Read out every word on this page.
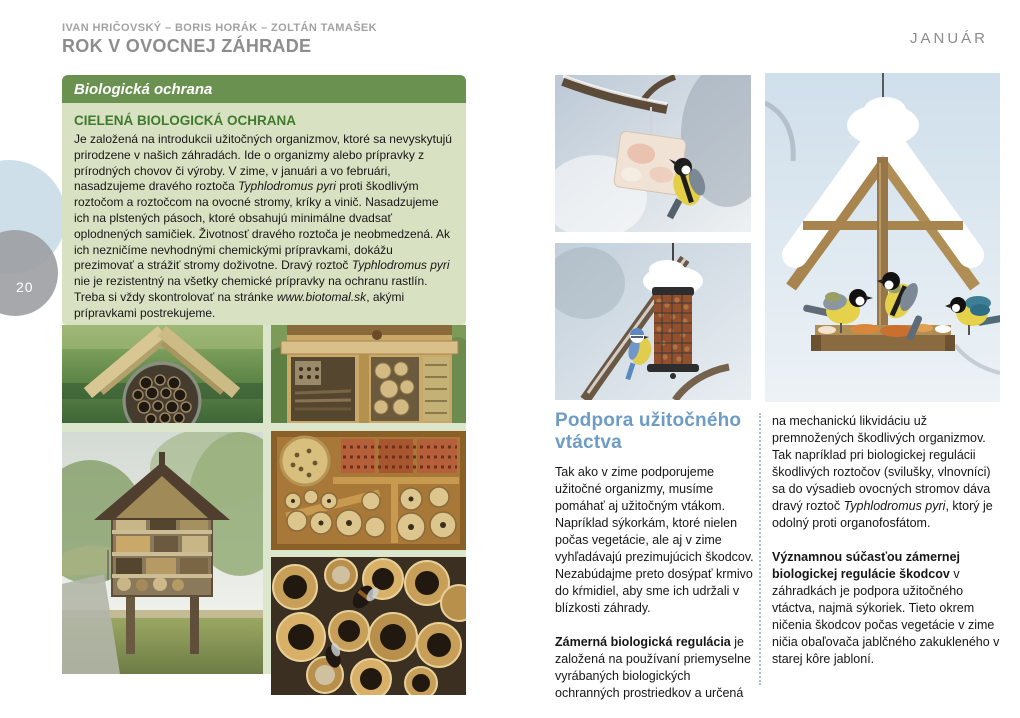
20
IVAN HRIČOVSKÝ – BORIS HORÁK – ZOLTÁN TAMAŠEK
ROK V OVOCNEJ ZÁHRADE	JANUÁR
Biologická ochrana
CIELENÁ BIOLOGICKÁ OCHRANA
Je založená na introdukcii užitočných organizmov, ktoré sa nevyskytujú prirodzene v našich záhradách. Ide o organizmy alebo prípravky z prírodných chovov či výroby. V zime, v januári a vo februári, nasadzujeme dravého roztoča Typhlodromus pyri proti škodlivým roztočom a roztočcom na ovocné stromy, kríky a vinič. Nasadzujeme ich na plstených pásoch, ktoré obsahujú minimálne dvadsať oplodnených samičiek. Životnosť dravého roztoča je neobmedzená. Ak ich nezničíme nevhodnými chemickými prípravkami, dokážu prezimovať a strážiť stromy doživotne. Dravý roztoč Typhlodromus pyri nie je rezistentný na všetky chemické prípravky na ochranu rastlín. Treba si vždy skontrolovať na stránke www.biotomal.sk, akými prípravkami postrekujeme.
Podpora užitočného vtáctva

Tak ako v zime podporujeme užitočné organizmy, musíme pomáhať aj užitočným vtákom. Napríklad sýkorkám, ktoré nielen počas vegetácie, ale aj v zime vyhľadávajú prezimujúcich škodcov. Nezabúdajme preto dosýpať krmivo do kŕmidiel, aby sme ich udržali v blízkosti záhrady.

Zámerná biologická regulácia je založená na používaní priemyselne vyrábaných biologických ochranných prostriedkov a určená

na mechanickú likvidáciu už premnožených škodlivých organizmov. Tak napríklad pri biologickej regulácii škodlivých roztočov (svilušky, vlnovníci) sa do výsadieb ovocných stromov dáva dravý roztoč Typhlodromus pyri, ktorý je odolný proti organofosfátom.

Významnou súčasťou zámernej biologickej regulácie škodcov v záhradkách je podpora užitočného vtáctva, najmä sýkoriek. Tieto okrem ničenia škodcov počas vegetácie v zime ničia obaľovača jablčného zakukleného v starej kôre jabloní.
